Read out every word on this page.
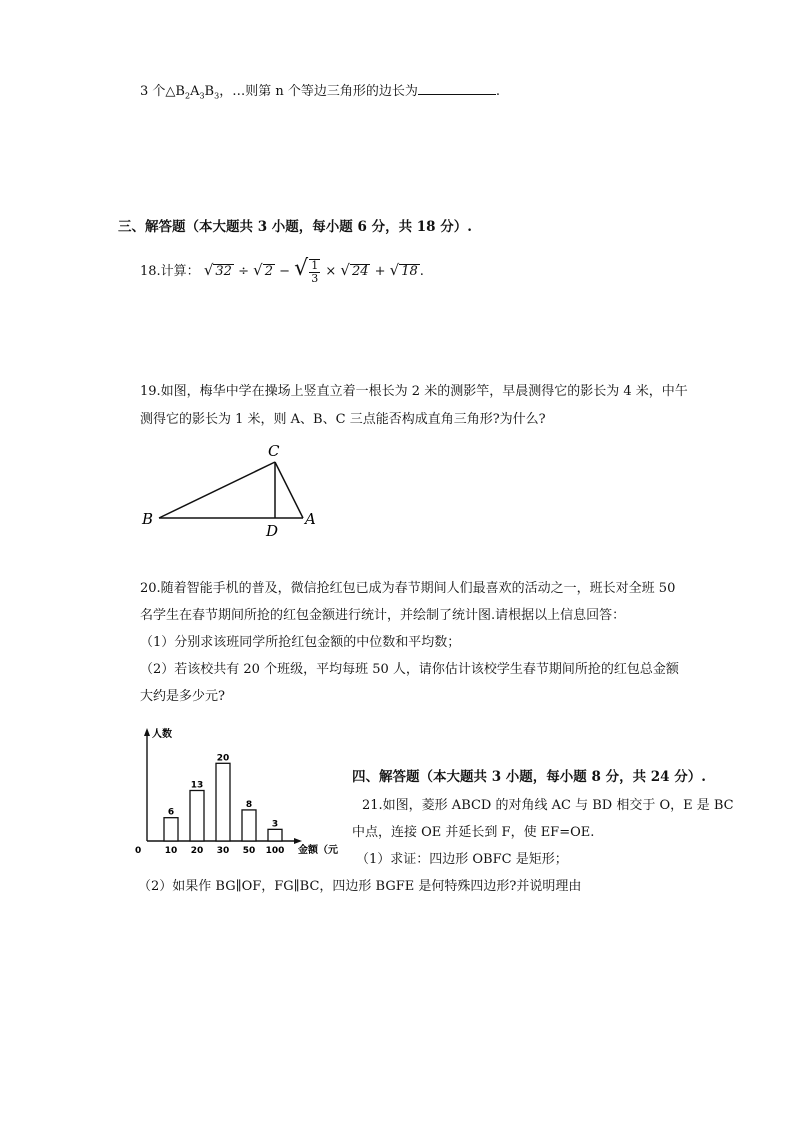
3 个$\triangle B_2A_3B_3$，…则第 n 个等边三角形的边长为	.
三、解答题（本大题共 3 小题，每小题 6 分，共 18 分）.
18.计算： √ 32 ÷ √ 2 − √ $\frac{1}{3}$ × √ 24 + √ 18 .
19.如图，梅华中学在操场上竖直立着一根长为 2 米的测影竿，早晨测得它的影长为 4 米，中午
测得它的影长为 1 米，则 A、B、C 三点能否构成直角三角形?为什么?
C
B
D
A
20.随着智能手机的普及，微信抢红包已成为春节期间人们最喜欢的活动之一，班长对全班 50
名学生在春节期间所抢的红包金额进行统计，并绘制了统计图.请根据以上信息回答：
（1）分别求该班同学所抢红包金额的中位数和平均数；
（2）若该校共有 20 个班级，平均每班 50 人，请你估计该校学生春节期间所抢的红包总金额
大约是多少元?
人数
金额（元
0
6
10
13
20
20
30
8
50
3
100
四、解答题（本大题共 3 小题，每小题 8 分，共 24 分）.
21.如图，菱形 ABCD 的对角线 AC 与 BD 相交于 O，E 是 BC
中点，连接 OE 并延长到 F，使 EF=OE.
（1）求证：四边形 OBFC 是矩形；
（2）如果作 BG∥OF，FG∥BC，四边形 BGFE 是何特殊四边形?并说明理由
